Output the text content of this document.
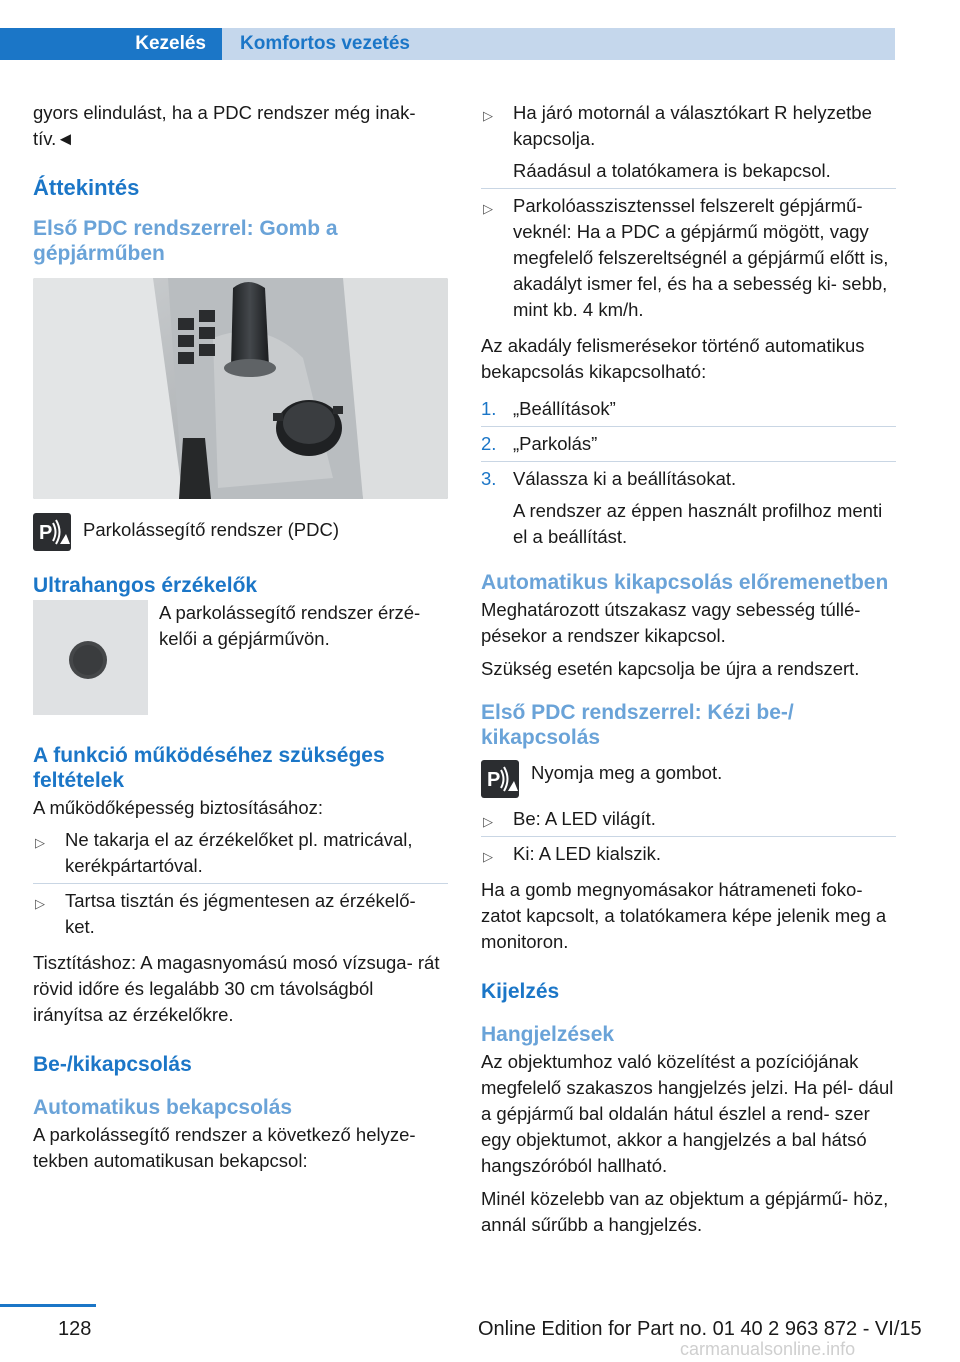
Kezelés	Komfortos vezetés

gyors elindulást, ha a PDC rendszer még inak‐ tív.◄

Áttekintés
Első PDC rendszerrel: Gomb a gépjárműben
P Parkolássegítő rendszer (PDC)
Ultrahangos érzékelők
A parkolássegítő rendszer érzé‐ kelői a gépjárművön.
A funkció működéséhez szükséges feltételek

A működőképesség biztosításához:

▷ Ne takarja el az érzékelőket pl. matricával, kerékpártartóval.
▷ Tartsa tisztán és jégmentesen az érzékelő‐ ket.

Tisztításhoz: A magasnyomású mosó vízsuga‐ rát rövid időre és legalább 30 cm távolságból irányítsa az érzékelőkre.

Be-/kikapcsolás
Automatikus bekapcsolás

A parkolássegítő rendszer a következő helyze‐ tekben automatikusan bekapcsol:

▷ Ha járó motornál a választókart R helyzetbe kapcsolja.
Ráadásul a tolatókamera is bekapcsol.
▷ Parkolóasszisztenssel felszerelt gépjármű‐ veknél: Ha a PDC a gépjármű mögött, vagy megfelelő felszereltségnél a gépjármű előtt is, akadályt ismer fel, és ha a sebesség ki‐ sebb, mint kb. 4 km/h.

Az akadály felismerésekor történő automatikus bekapcsolás kikapcsolható:

1. „Beállítások”
2. „Parkolás”
3. Válassza ki a beállításokat.
A rendszer az éppen használt profilhoz menti el a beállítást.
Automatikus kikapcsolás előremenetben

Meghatározott útszakasz vagy sebesség túllé‐ pésekor a rendszer kikapcsol.

Szükség esetén kapcsolja be újra a rendszert.

Első PDC rendszerrel: Kézi be-/ kikapcsolás
P Nyomja meg a gombot.
▷ Be: A LED világít.
▷ Ki: A LED kialszik.

Ha a gomb megnyomásakor hátrameneti foko‐ zatot kapcsolt, a tolatókamera képe jelenik meg a monitoron.

Kijelzés
Hangjelzések

Az objektumhoz való közelítést a pozíciójának megfelelő szakaszos hangjelzés jelzi. Ha pél‐ dául a gépjármű bal oldalán hátul észlel a rend‐ szer egy objektumot, akkor a hangjelzés a bal hátsó hangszóróból hallható.

Minél közelebb van az objektum a gépjármű‐ höz, annál sűrűbb a hangjelzés.

128	Online Edition for Part no. 01 40 2 963 872 - VI/15
carmanualsonline.info
